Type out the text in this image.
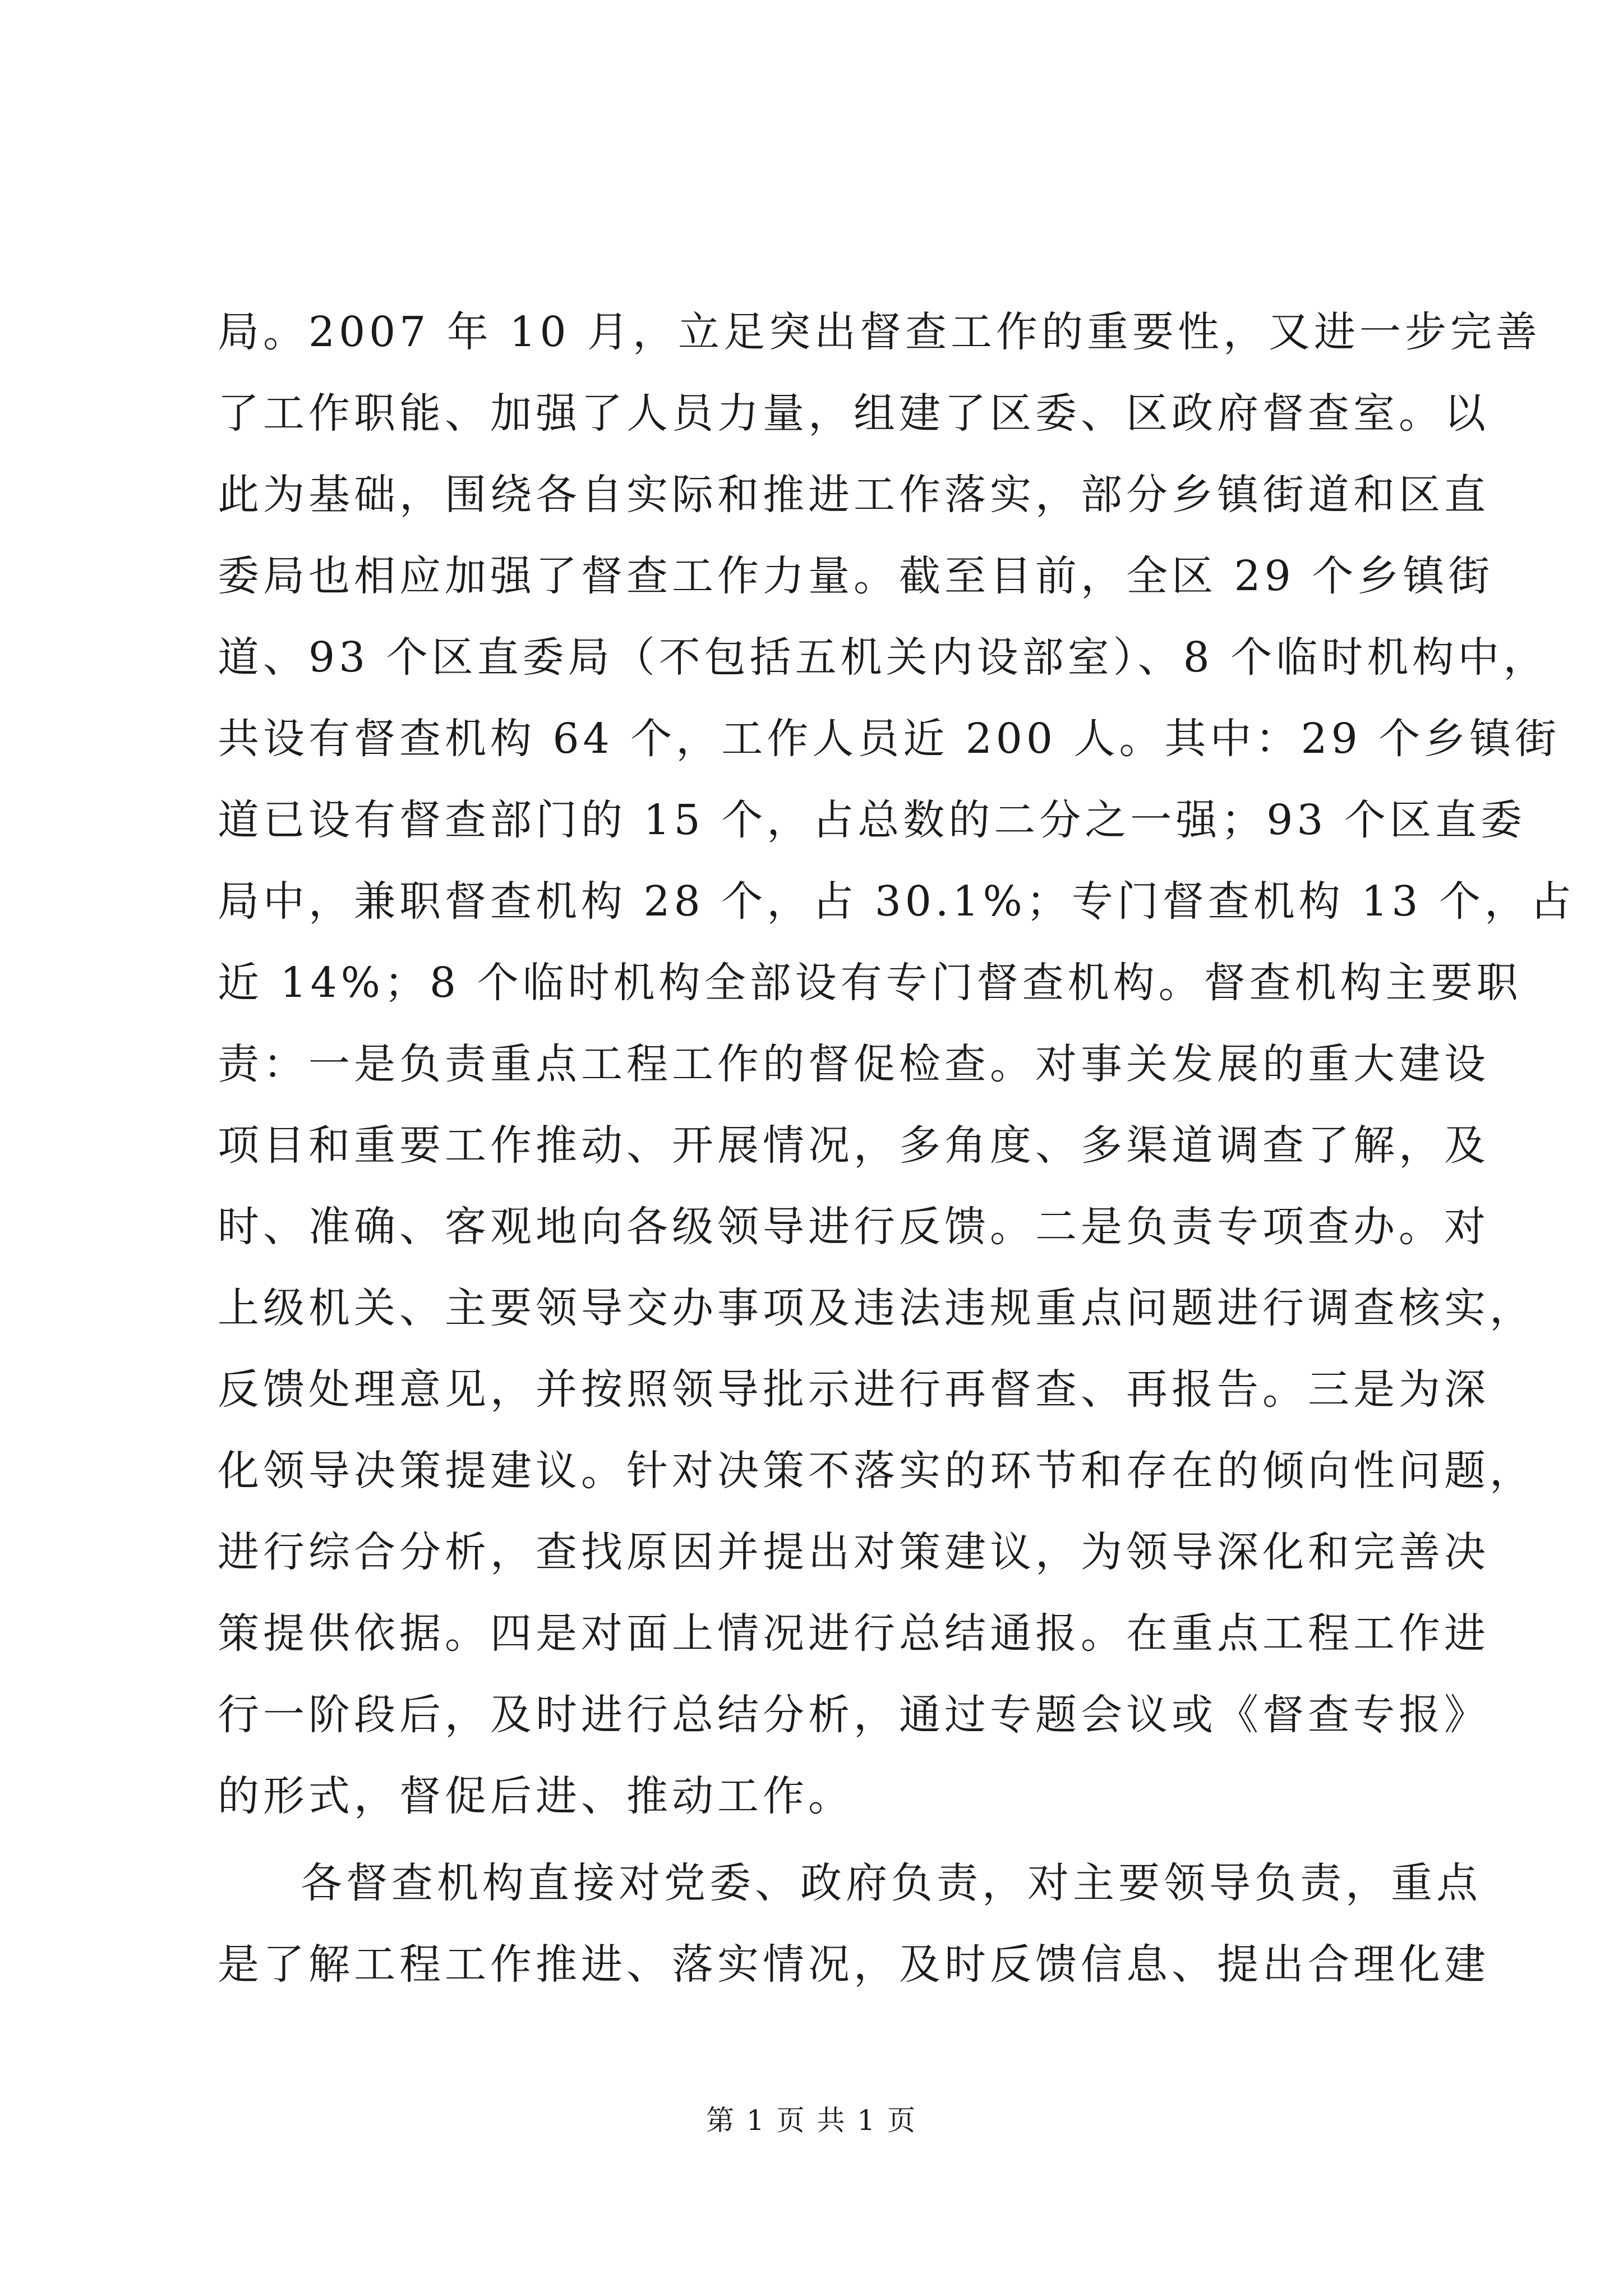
局。2007 年 10 月，立足突出督查工作的重要性，又进一步完善
了工作职能、加强了人员力量，组建了区委、区政府督查室。以
此为基础，围绕各自实际和推进工作落实，部分乡镇街道和区直
委局也相应加强了督查工作力量。截至目前，全区 29 个乡镇街
道、93 个区直委局（不包括五机关内设部室）、8 个临时机构中，
共设有督查机构 64 个，工作人员近 200 人。其中：29 个乡镇街
道已设有督查部门的 15 个，占总数的二分之一强；93 个区直委
局中，兼职督查机构 28 个，占 30.1%；专门督查机构 13 个，占
近 14%；8 个临时机构全部设有专门督查机构。督查机构主要职
责：一是负责重点工程工作的督促检查。对事关发展的重大建设
项目和重要工作推动、开展情况，多角度、多渠道调查了解，及
时、准确、客观地向各级领导进行反馈。二是负责专项查办。对
上级机关、主要领导交办事项及违法违规重点问题进行调查核实，
反馈处理意见，并按照领导批示进行再督查、再报告。三是为深
化领导决策提建议。针对决策不落实的环节和存在的倾向性问题，
进行综合分析，查找原因并提出对策建议，为领导深化和完善决
策提供依据。四是对面上情况进行总结通报。在重点工程工作进
行一阶段后，及时进行总结分析，通过专题会议或《督查专报》
的形式，督促后进、推动工作。
各督查机构直接对党委、政府负责，对主要领导负责，重点
是了解工程工作推进、落实情况，及时反馈信息、提出合理化建
第 1 页 共 1 页
